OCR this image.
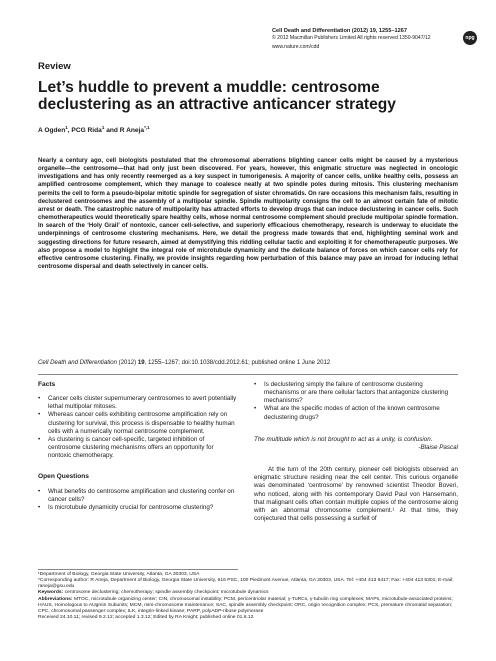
Cell Death and Differentiation (2012) 19, 1255–1267
© 2012 Macmillan Publishers Limited All rights reserved 1350-9047/12
www.nature.com/cdd
npg
Review
Let’s huddle to prevent a muddle: centrosome declustering as an attractive anticancer strategy
A Ogden$^1$, PCG Rida$^1$ and R Aneja$^{*,1}$

Nearly a century ago, cell biologists postulated that the chromosomal aberrations blighting cancer cells might be caused by a mysterious organelle—the centrosome—that had only just been discovered. For years, however, this enigmatic structure was neglected in oncologic investigations and has only recently reemerged as a key suspect in tumorigenesis. A majority of cancer cells, unlike healthy cells, possess an amplified centrosome complement, which they manage to coalesce neatly at two spindle poles during mitosis. This clustering mechanism permits the cell to form a pseudo-bipolar mitotic spindle for segregation of sister chromatids. On rare occasions this mechanism fails, resulting in declustered centrosomes and the assembly of a multipolar spindle. Spindle multipolarity consigns the cell to an almost certain fate of mitotic arrest or death. The catastrophic nature of multipolarity has attracted efforts to develop drugs that can induce declustering in cancer cells. Such chemotherapeutics would theoretically spare healthy cells, whose normal centrosome complement should preclude multipolar spindle formation. In search of the ‘Holy Grail’ of nontoxic, cancer cell-selective, and superiorly efficacious chemotherapy, research is underway to elucidate the underpinnings of centrosome clustering mechanisms. Here, we detail the progress made towards that end, highlighting seminal work and suggesting directions for future research, aimed at demystifying this riddling cellular tactic and exploiting it for chemotherapeutic purposes. We also propose a model to highlight the integral role of microtubule dynamicity and the delicate balance of forces on which cancer cells rely for effective centrosome clustering. Finally, we provide insights regarding how perturbation of this balance may pave an inroad for inducing lethal centrosome dispersal and death selectively in cancer cells.

Cell Death and Differentiation (2012) 19, 1255–1267; doi:10.1038/cdd.2012.61; published online 1 June 2012
Facts
• Cancer cells cluster supernumerary centrosomes to avert potentially lethal multipolar mitoses.
• Whereas cancer cells exhibiting centrosome amplification rely on clustering for survival, this process is dispensable to healthy human cells with a numerically normal centrosome complement.
• As clustering is cancer cell-specific, targeted inhibition of centrosome clustering mechanisms offers an opportunity for nontoxic chemotherapy.
Open Questions
• What benefits do centrosome amplification and clustering confer on cancer cells?
• Is microtubule dynamicity crucial for centrosome clustering?
• Is declustering simply the failure of centrosome clustering mechanisms or are there cellular factors that antagonize clustering mechanisms?
• What are the specific modes of action of the known centrosome declustering drugs?
The multitude which is not brought to act as a unity, is confusion.
-Blaise Pascal

At the turn of the 20th century, pioneer cell biologists observed an enigmatic structure residing near the cell center. This curious organelle was denominated ‘centrosome’ by renowned scientist Theodor Boveri, who noticed, along with his contemporary David Paul von Hansemann, that malignant cells often contain multiple copies of the centrosome along with an abnormal chromosome complement.¹ At that time, they conjectured that cells possessing a surfeit of

¹Department of Biology, Georgia State University, Atlanta, GA 30303, USA

*Corresponding author: R Aneja, Department of Biology, Georgia State University, 616 PSC, 100 Piedmont Avenue, Atlanta, GA 30303, USA. Tel: +404 413 5417; Fax: +404 413 5301; E-mail: raneja@gsu.edu

Keywords: centrosome declustering; chemotherapy; spindle assembly checkpoint; microtubule dynamics

Abbreviations: MTOC, microtubule organizing center; CIN, chromosomal instability; PCM, pericentriolar material; γ-TuRCs, γ-tubulin ring complexes; MAPs, microtubule-associated proteins; HAUS, Homologous to AUgmin Subunits; MCM, mini-chromosome maintenance; SAC, spindle assembly checkpoint; ORC, origin recognition complex; PCS, premature chromatid separation; CPC, chromosomal passenger complex; ILK, integrin-linked kinase; PARP, polyADP-ribose polymerase

Received 24.10.11; revised 9.2.12; accepted 1.3.12; Edited by RA Knight; published online 01.6.12
